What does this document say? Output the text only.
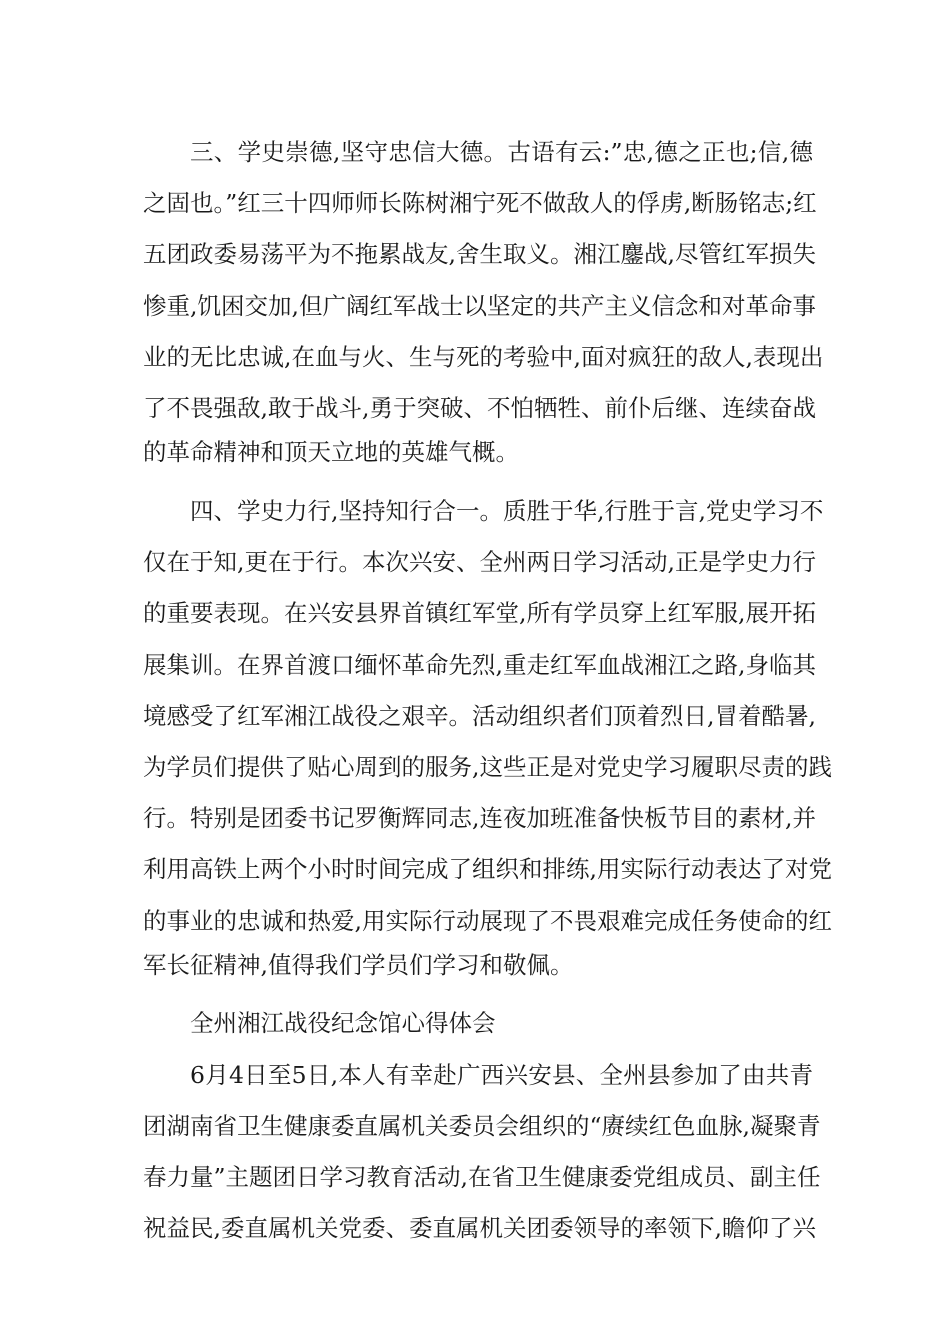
三、学史崇德,坚守忠信大德。古语有云:”忠,德之正也;信,德
之固也。”红三十四师师长陈树湘宁死不做敌人的俘虏,断肠铭志;红
五团政委易荡平为不拖累战友,舍生取义。湘江鏖战,尽管红军损失
惨重,饥困交加,但广阔红军战士以坚定的共产主义信念和对革命事
业的无比忠诚,在血与火、生与死的考验中,面对疯狂的敌人,表现出
了不畏强敌,敢于战斗,勇于突破、不怕牺牲、前仆后继、连续奋战
的革命精神和顶天立地的英雄气概。
四、学史力行,坚持知行合一。质胜于华,行胜于言,党史学习不
仅在于知,更在于行。本次兴安、全州两日学习活动,正是学史力行
的重要表现。在兴安县界首镇红军堂,所有学员穿上红军服,展开拓
展集训。在界首渡口缅怀革命先烈,重走红军血战湘江之路,身临其
境感受了红军湘江战役之艰辛。活动组织者们顶着烈日,冒着酷暑,
为学员们提供了贴心周到的服务,这些正是对党史学习履职尽责的践
行。特别是团委书记罗衡辉同志,连夜加班准备快板节目的素材,并
利用高铁上两个小时时间完成了组织和排练,用实际行动表达了对党
的事业的忠诚和热爱,用实际行动展现了不畏艰难完成任务使命的红
军长征精神,值得我们学员们学习和敬佩。
全州湘江战役纪念馆心得体会
6月4日至5日,本人有幸赴广西兴安县、全州县参加了由共青
团湖南省卫生健康委直属机关委员会组织的“赓续红色血脉,凝聚青
春力量”主题团日学习教育活动,在省卫生健康委党组成员、副主任
祝益民,委直属机关党委、委直属机关团委领导的率领下,瞻仰了兴
